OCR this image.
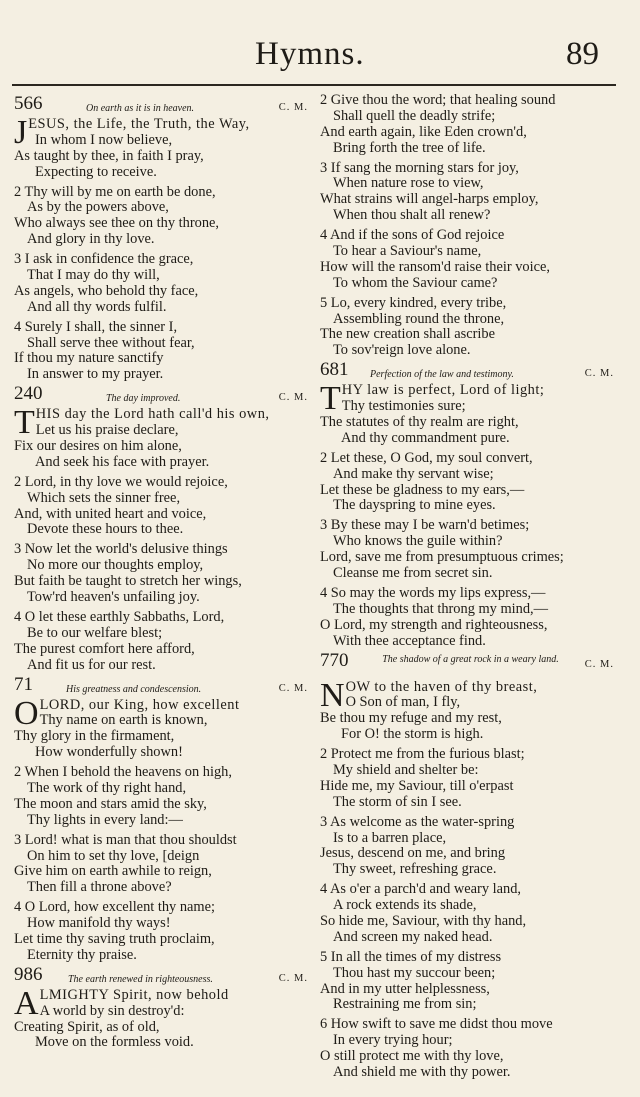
Hymns.	89
566	On earth as it is in heaven.	C. M.
J ESUS, the Life, the Truth, the Way,
In whom I now believe,
As taught by thee, in faith I pray,
Expecting to receive.
2 Thy will by me on earth be done,
As by the powers above,
Who always see thee on thy throne,
And glory in thy love.
3 I ask in confidence the grace,
That I may do thy will,
As angels, who behold thy face,
And all thy words fulfil.
4 Surely I shall, the sinner I,
Shall serve thee without fear,
If thou my nature sanctify
In answer to my prayer.
240	The day improved.	C. M.
T HIS day the Lord hath call'd his own,
Let us his praise declare,
Fix our desires on him alone,
And seek his face with prayer.
2 Lord, in thy love we would rejoice,
Which sets the sinner free,
And, with united heart and voice,
Devote these hours to thee.
3 Now let the world's delusive things
No more our thoughts employ,
But faith be taught to stretch her wings,
Tow'rd heaven's unfailing joy.
4 O let these earthly Sabbaths, Lord,
Be to our welfare blest;
The purest comfort here afford,
And fit us for our rest.
71	His greatness and condescension.	C. M.
O LORD, our King, how excellent
Thy name on earth is known,
Thy glory in the firmament,
How wonderfully shown!
2 When I behold the heavens on high,
The work of thy right hand,
The moon and stars amid the sky,
Thy lights in every land:—
3 Lord! what is man that thou shouldst
On him to set thy love, [deign
Give him on earth awhile to reign,
Then fill a throne above?
4 O Lord, how excellent thy name;
How manifold thy ways!
Let time thy saving truth proclaim,
Eternity thy praise.
986	The earth renewed in righteousness.	C. M.
A LMIGHTY Spirit, now behold
A world by sin destroy'd:
Creating Spirit, as of old,
Move on the formless void.
2 Give thou the word; that healing sound
Shall quell the deadly strife;
And earth again, like Eden crown'd,
Bring forth the tree of life.
3 If sang the morning stars for joy,
When nature rose to view,
What strains will angel-harps employ,
When thou shalt all renew?
4 And if the sons of God rejoice
To hear a Saviour's name,
How will the ransom'd raise their voice,
To whom the Saviour came?
5 Lo, every kindred, every tribe,
Assembling round the throne,
The new creation shall ascribe
To sov'reign love alone.
681 Perfection of the law and testimony.	C. M.
T HY law is perfect, Lord of light;
Thy testimonies sure;
The statutes of thy realm are right,
And thy commandment pure.
2 Let these, O God, my soul convert,
And make thy servant wise;
Let these be gladness to my ears,—
The dayspring to mine eyes.
3 By these may I be warn'd betimes;
Who knows the guile within?
Lord, save me from presumptuous crimes;
Cleanse me from secret sin.
4 So may the words my lips express,—
The thoughts that throng my mind,—
O Lord, my strength and righteousness,
With thee acceptance find.
770	The shadow of a great rock in a weary land.	C. M.
N OW to the haven of thy breast,
O Son of man, I fly,
Be thou my refuge and my rest,
For O! the storm is high.
2 Protect me from the furious blast;
My shield and shelter be:
Hide me, my Saviour, till o'erpast
The storm of sin I see.
3 As welcome as the water-spring
Is to a barren place,
Jesus, descend on me, and bring
Thy sweet, refreshing grace.
4 As o'er a parch'd and weary land,
A rock extends its shade,
So hide me, Saviour, with thy hand,
And screen my naked head.
5 In all the times of my distress
Thou hast my succour been;
And in my utter helplessness,
Restraining me from sin;
6 How swift to save me didst thou move
In every trying hour;
O still protect me with thy love,
And shield me with thy power.
